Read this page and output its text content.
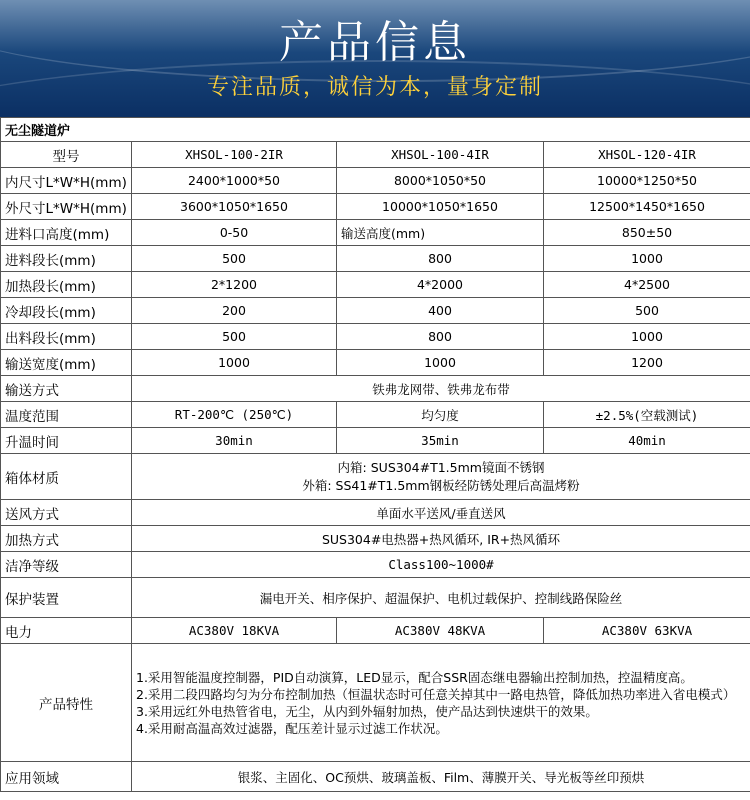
产品信息
专注品质，诚信为本，量身定制
无尘隧道炉			
型号	XHSOL-100-2IR	XHSOL-100-4IR	XHSOL-120-4IR
内尺寸L*W*H(mm)	2400*1000*50	8000*1050*50	10000*1250*50
外尺寸L*W*H(mm)	3600*1050*1650	10000*1050*1650	12500*1450*1650
进料口高度(mm)	0-50	输送高度(mm)	850±50
进料段长(mm)	500	800	1000
加热段长(mm)	2*1200	4*2000	4*2500
冷却段长(mm)	200	400	500
出料段长(mm)	500	800	1000
输送宽度(mm)	1000	1000	1200
输送方式	铁弗龙网带、铁弗龙布带		
温度范围	RT-200℃ (250℃)	均匀度	±2.5%(空载测试)
升温时间	30min	35min	40min
箱体材质	内箱: SUS304#T1.5mm镜面不锈钢
外箱: SS41#T1.5mm钢板经防锈处理后高温烤粉		

送风方式	单面水平送风/垂直送风		
加热方式	SUS304#电热器+热风循环, IR+热风循环		
洁净等级	Class100~1000#		
保护装置	漏电开关、相序保护、超温保护、电机过载保护、控制线路保险丝		
电力	AC380V 18KVA	AC380V 48KVA	AC380V 63KVA
产品特性	1.采用智能温度控制器，PID自动演算，LED显示，配合SSR固态继电器输出控制加热，控温精度高。
2.采用二段四路均匀为分布控制加热（恒温状态时可任意关掉其中一路电热管，降低加热功率进入省电模式）
3.采用远红外电热管省电，无尘，从内到外辐射加热，使产品达到快速烘干的效果。
4.采用耐高温高效过滤器，配压差计显示过滤工作状况。		

应用领域	银浆、主固化、OC预烘、玻璃盖板、Film、薄膜开关、导光板等丝印预烘		
